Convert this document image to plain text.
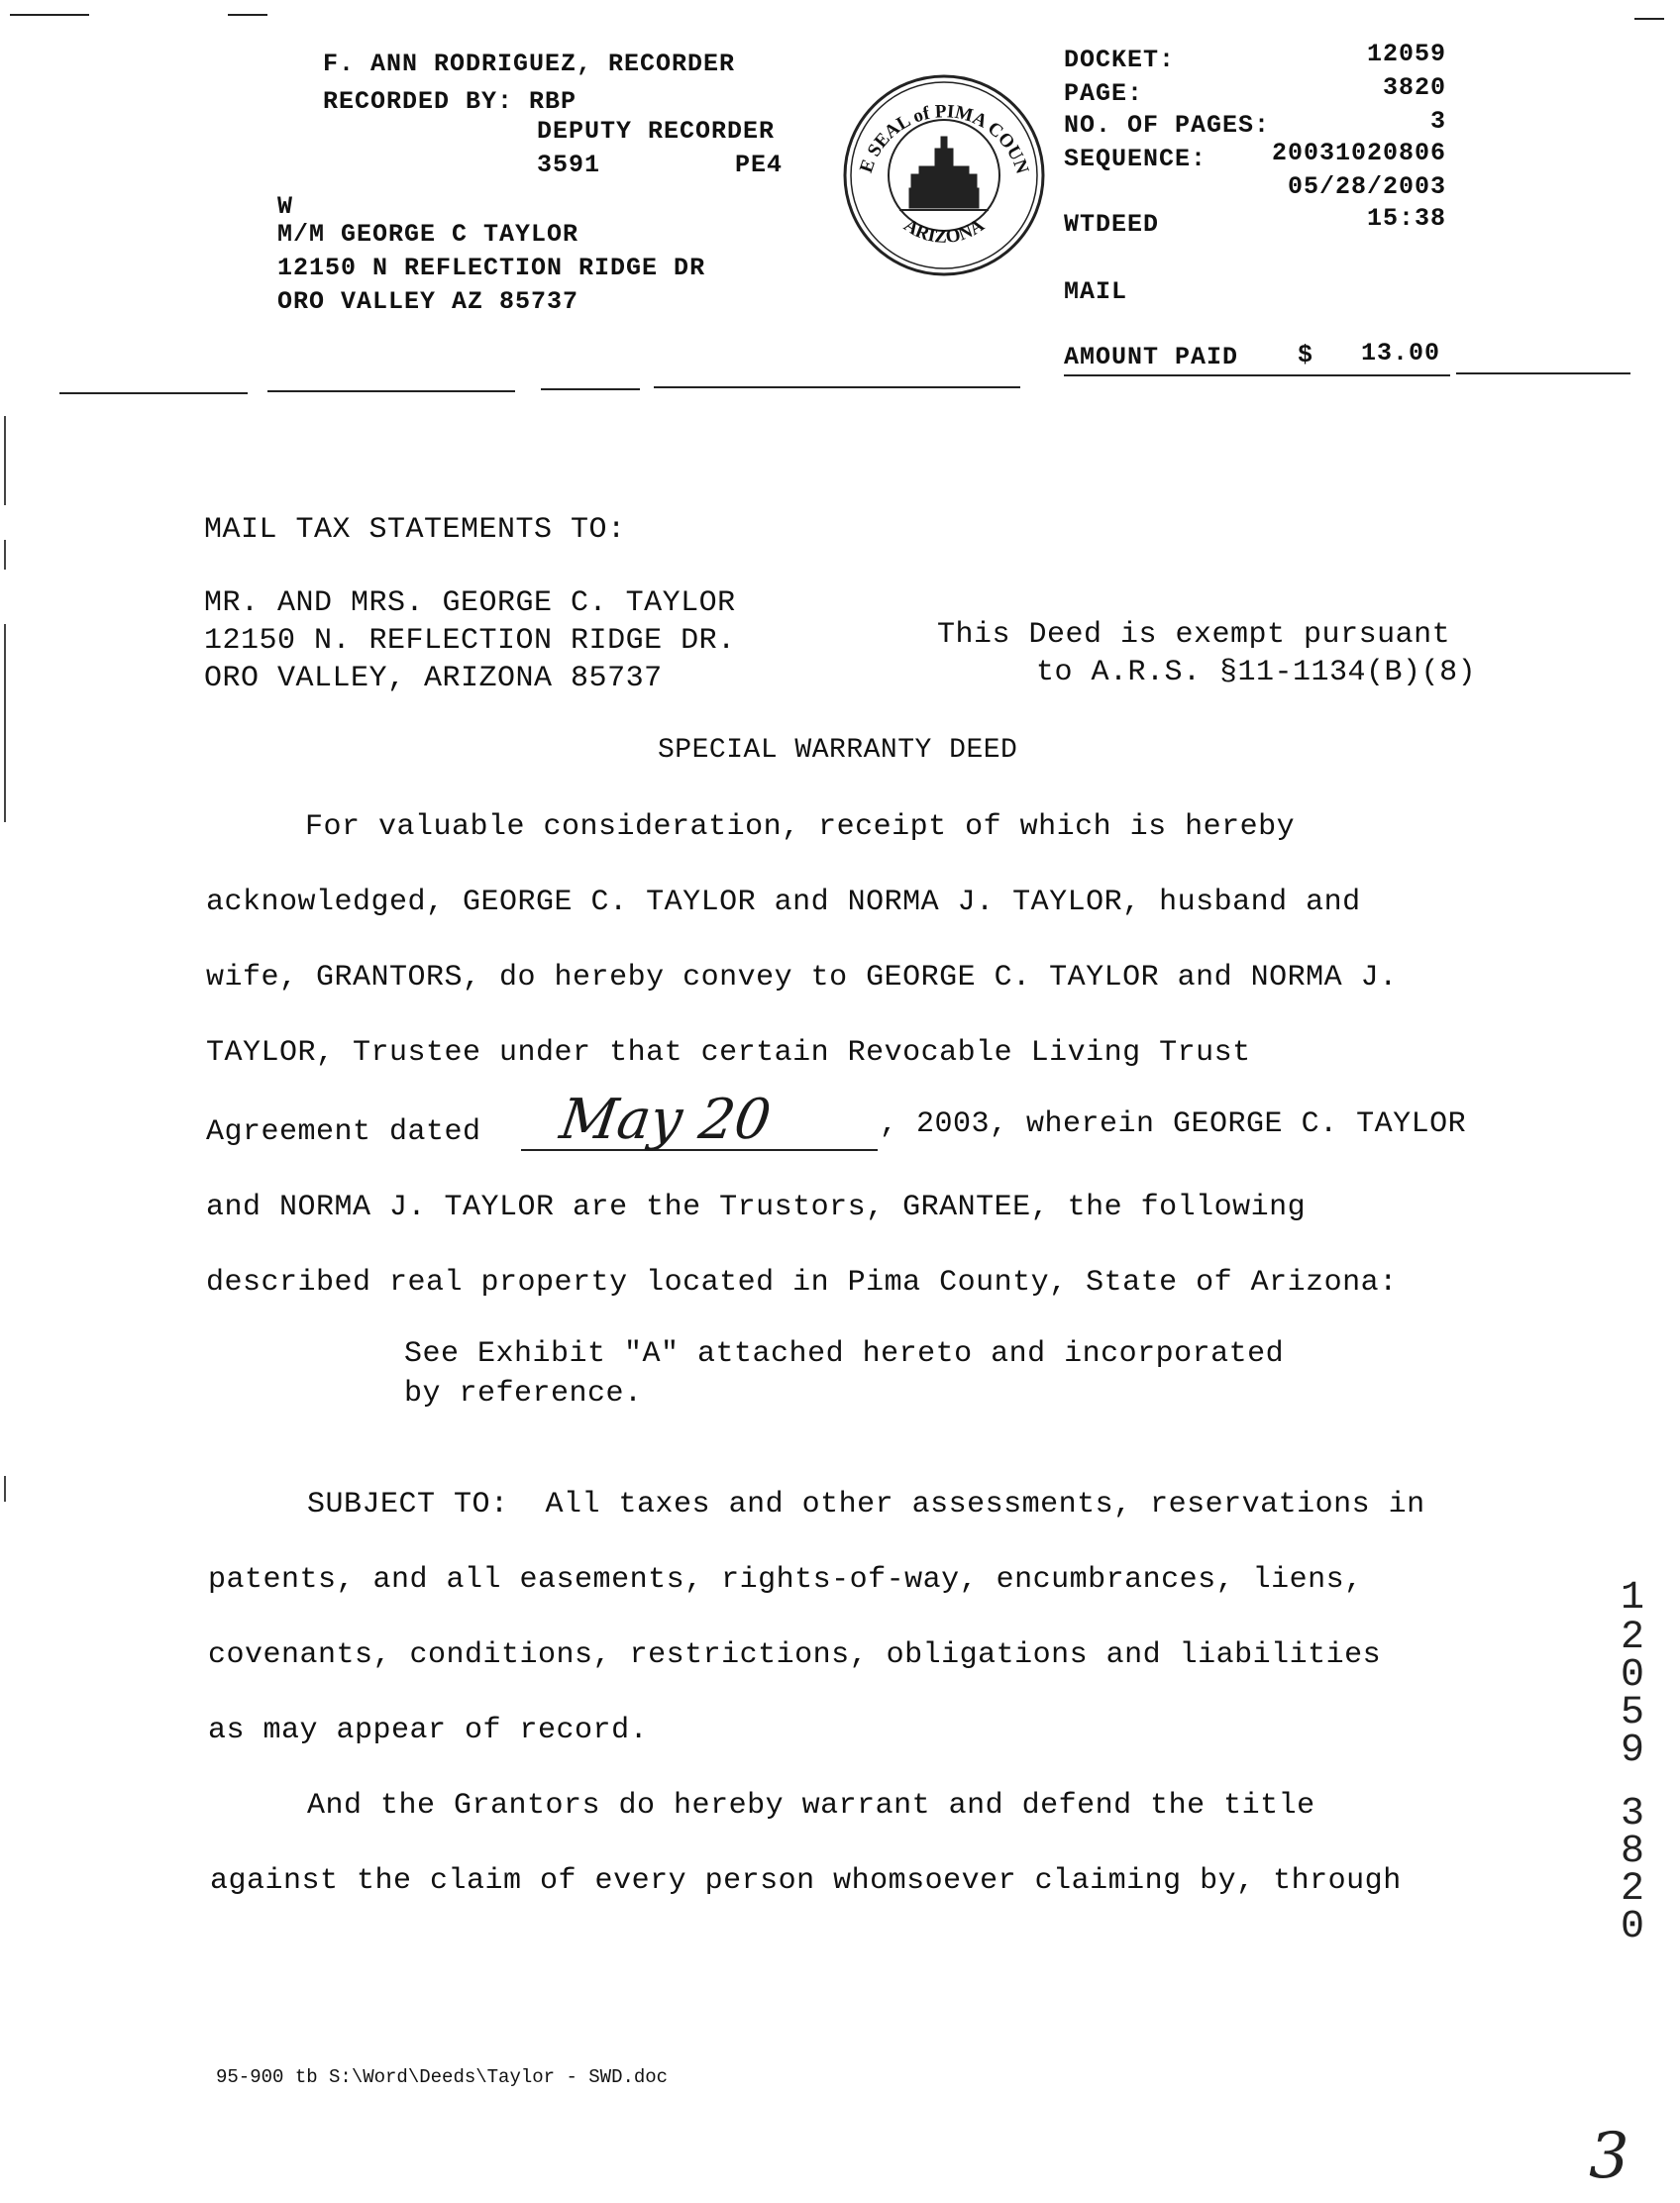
F. ANN RODRIGUEZ, RECORDER
RECORDED BY: RBP
DEPUTY RECORDER
3591	PE4
W
M/M GEORGE C TAYLOR
12150 N REFLECTION RIDGE DR
ORO VALLEY AZ 85737
E SEAL of PIMA COUN
ARIZONA
DOCKET:	12059
PAGE:	3820
NO. OF PAGES:	3
SEQUENCE:	20031020806
05/28/2003
WTDEED	15:38
MAIL
AMOUNT PAID $ 13.00
MAIL TAX STATEMENTS TO:
MR. AND MRS. GEORGE C. TAYLOR
12150 N. REFLECTION RIDGE DR.
ORO VALLEY, ARIZONA 85737
This Deed is exempt pursuant
to A.R.S. §11-1134(B)(8)
SPECIAL WARRANTY DEED
For valuable consideration, receipt of which is hereby
acknowledged, GEORGE C. TAYLOR and NORMA J. TAYLOR, husband and
wife, GRANTORS, do hereby convey to GEORGE C. TAYLOR and NORMA J.
TAYLOR, Trustee under that certain Revocable Living Trust
Agreement dated May 20	, 2003, wherein GEORGE C. TAYLOR
and NORMA J. TAYLOR are the Trustors, GRANTEE, the following
described real property located in Pima County, State of Arizona:
See Exhibit "A" attached hereto and incorporated
by reference.
SUBJECT TO:  All taxes and other assessments, reservations in
patents, and all easements, rights-of-way, encumbrances, liens,
covenants, conditions, restrictions, obligations and liabilities
as may appear of record.
And the Grantors do hereby warrant and defend the title
against the claim of every person whomsoever claiming by, through
1
2
0
5
9
3
8
2
0
95-900 tb S:\Word\Deeds\Taylor - SWD.doc
3
